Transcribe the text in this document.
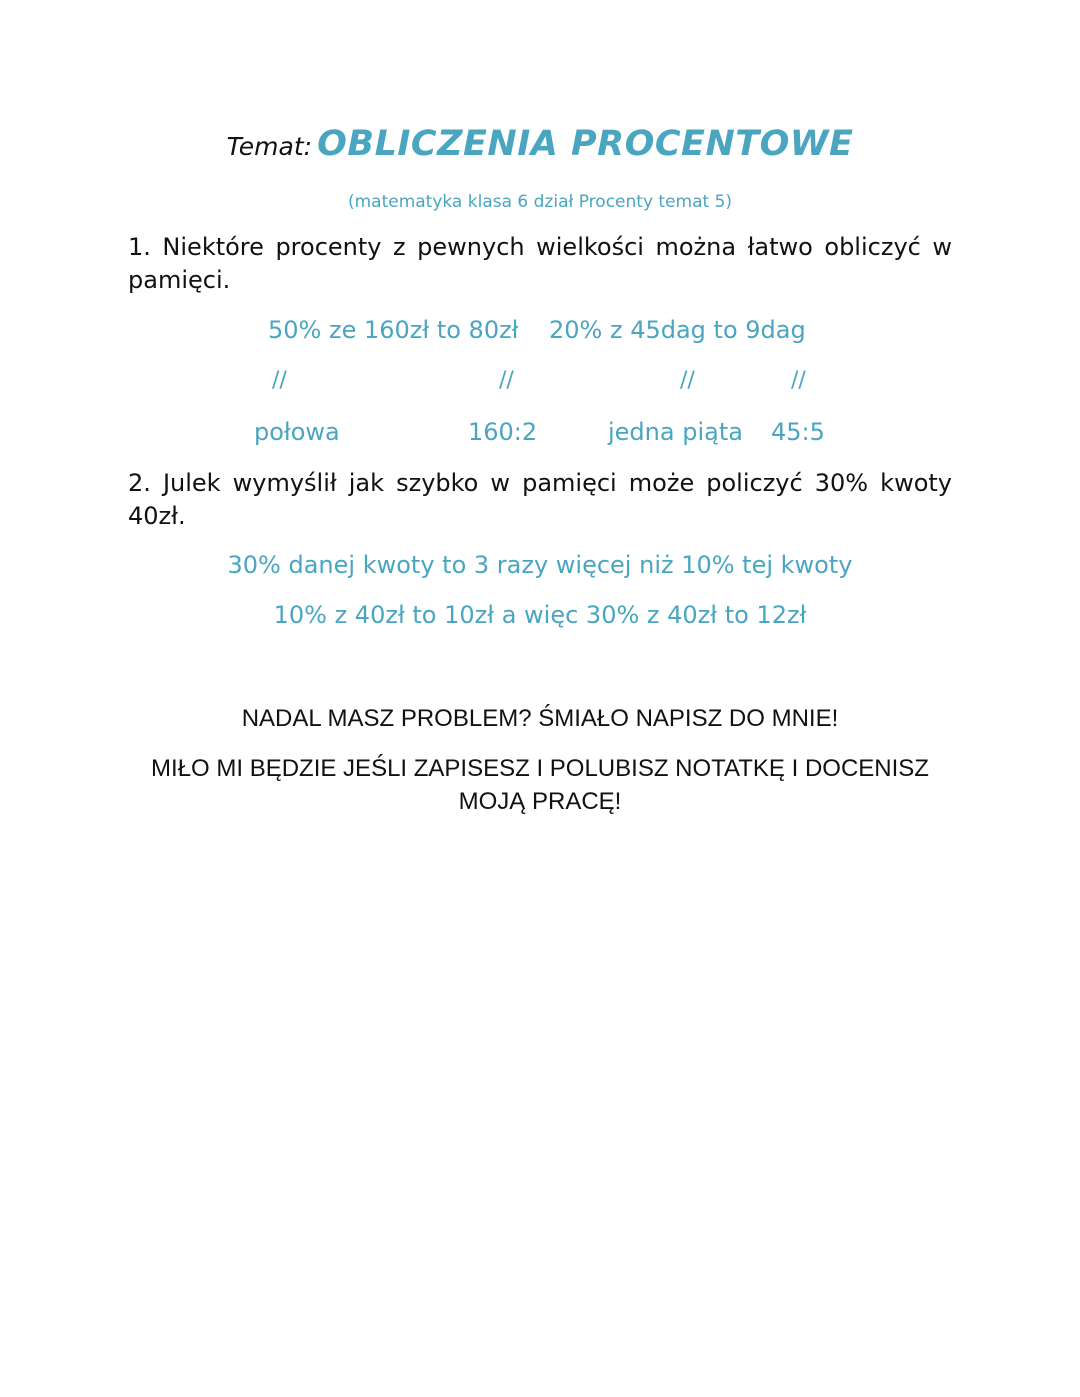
Temat: OBLICZENIA PROCENTOWE
(matematyka klasa 6 dział Procenty temat 5)
1. Niektóre procenty z pewnych wielkości można łatwo obliczyć w pamięci.
50% ze 160zł to 80zł 20% z 45dag to 9dag
//	//	//	//
połowa	160:2	jedna piąta 45:5
2. Julek wymyślił jak szybko w pamięci może policzyć 30% kwoty 40zł.
30% danej kwoty to 3 razy więcej niż 10% tej kwoty
10% z 40zł to 10zł a więc 30% z 40zł to 12zł
NADAL MASZ PROBLEM? ŚMIAŁO NAPISZ DO MNIE!
MIŁO MI BĘDZIE JEŚLI ZAPISESZ I POLUBISZ NOTATKĘ I DOCENISZ MOJĄ PRACĘ!
